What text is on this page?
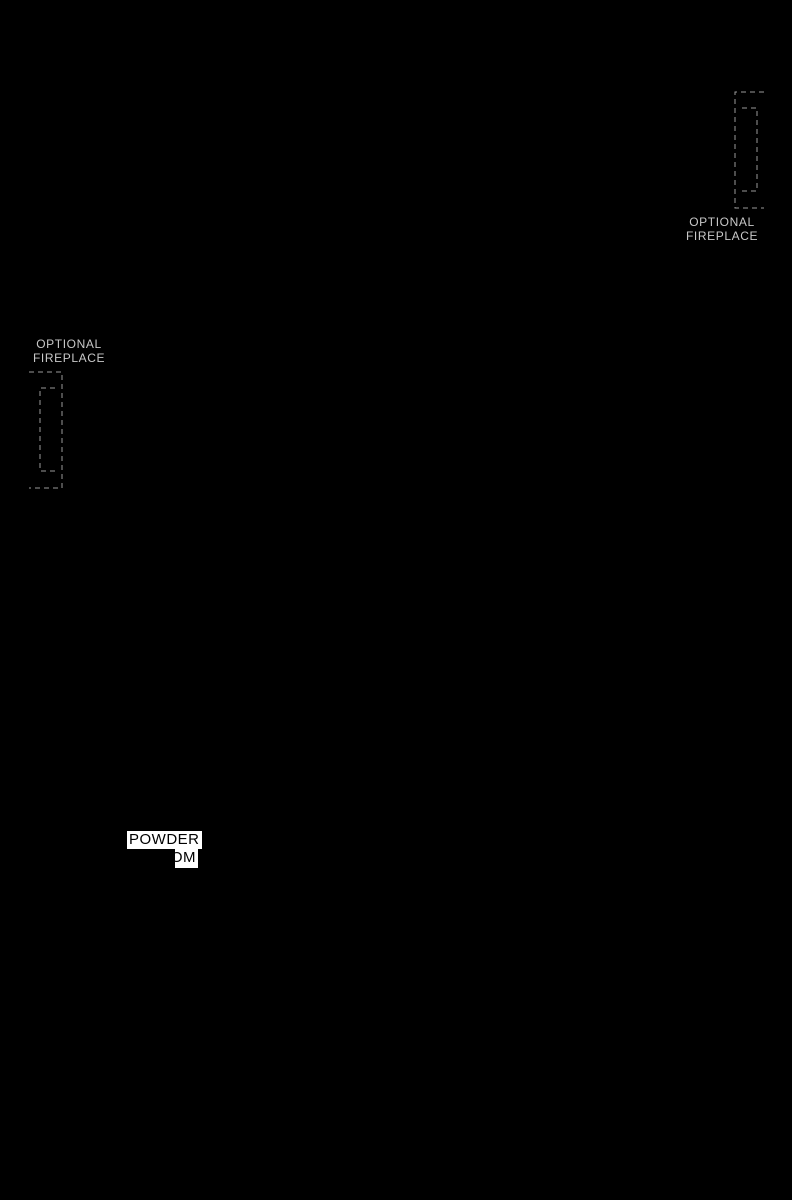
OPTIONAL
FIREPLACE
OPTIONAL
FIREPLACE
POWDER
ROOM
